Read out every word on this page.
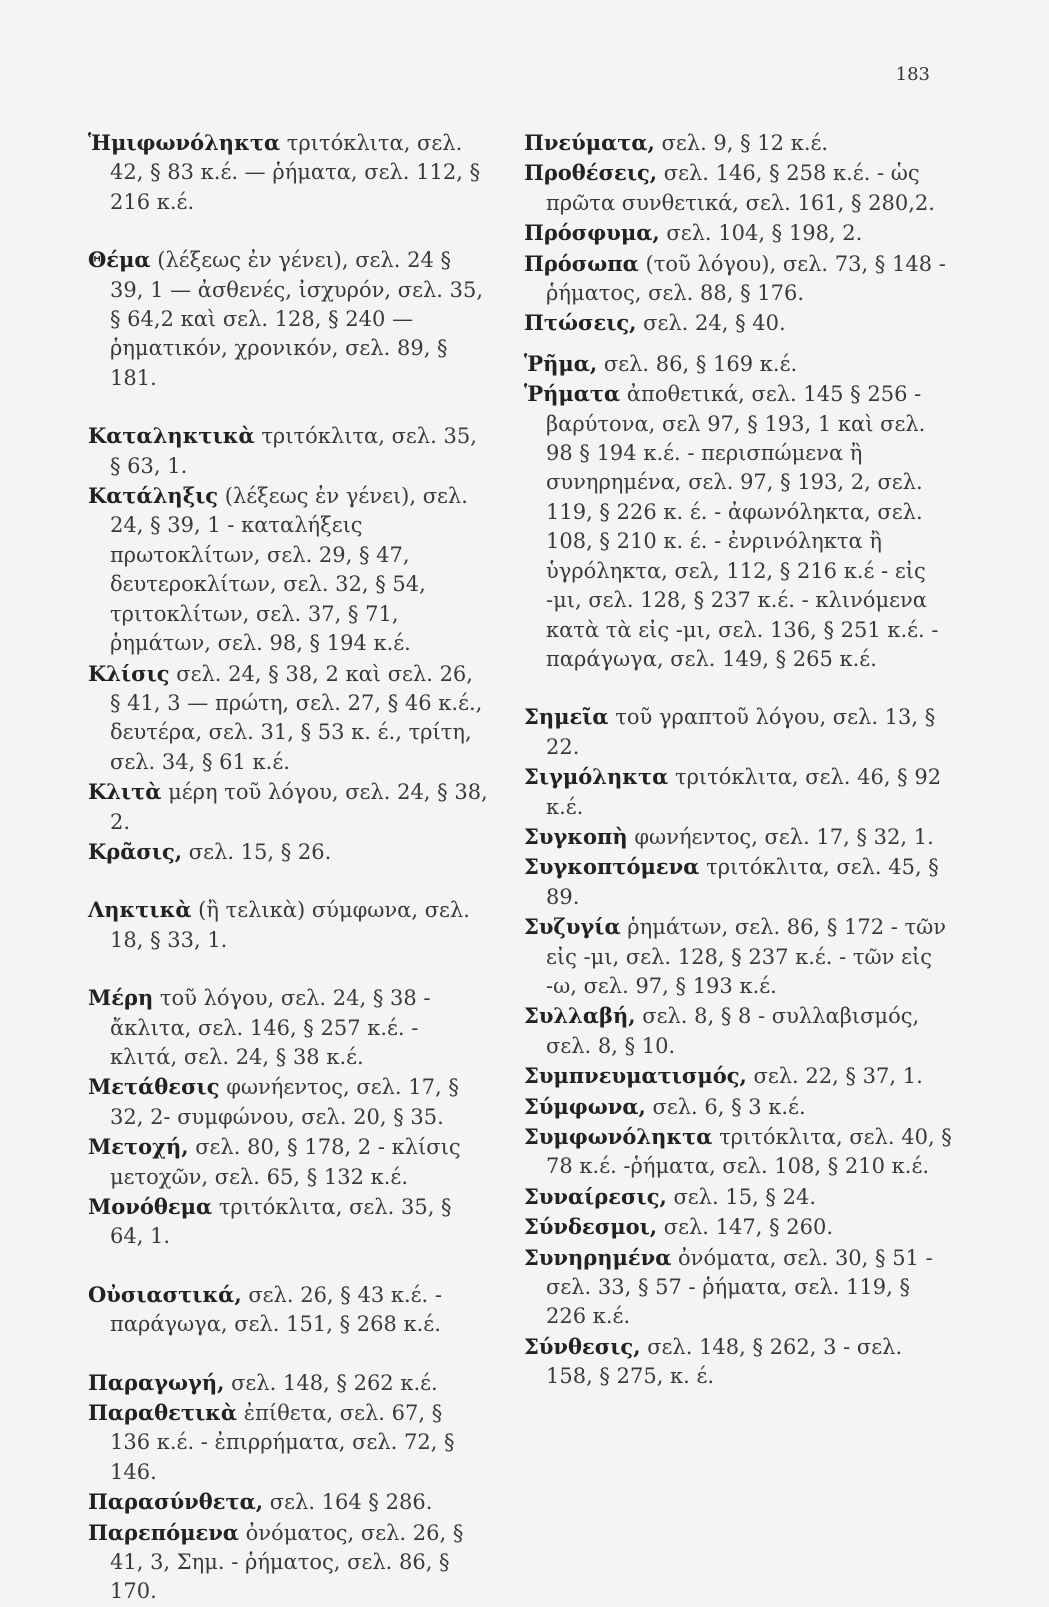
183
Ἡμιφωνόληκτα τριτόκλιτα, σελ. 42, § 83 κ.έ. — ῥήματα, σελ. 112, § 216 κ.έ.
Θέμα (λέξεως ἐν γένει), σελ. 24 § 39, 1 — ἀσθενές, ἰσχυρόν, σελ. 35, § 64,2 καὶ σελ. 128, § 240 — ῥηματικόν, χρονικόν, σελ. 89, § 181.
Καταληκτικὰ τριτόκλιτα, σελ. 35, § 63, 1.
Κατάληξις (λέξεως ἐν γένει), σελ. 24, § 39, 1 - καταλήξεις πρωτοκλίτων, σελ. 29, § 47, δευτεροκλίτων, σελ. 32, § 54, τριτοκλίτων, σελ. 37, § 71, ῥημάτων, σελ. 98, § 194 κ.έ.
Κλίσις σελ. 24, § 38, 2 καὶ σελ. 26, § 41, 3 — πρώτη, σελ. 27, § 46 κ.έ., δευτέρα, σελ. 31, § 53 κ. έ., τρίτη, σελ. 34, § 61 κ.έ.
Κλιτὰ μέρη τοῦ λόγου, σελ. 24, § 38, 2.
Κρᾶσις, σελ. 15, § 26.
Ληκτικὰ (ἢ τελικὰ) σύμφωνα, σελ. 18, § 33, 1.
Μέρη τοῦ λόγου, σελ. 24, § 38 - ἄκλιτα, σελ. 146, § 257 κ.έ. - κλιτά, σελ. 24, § 38 κ.έ.
Μετάθεσις φωνήεντος, σελ. 17, § 32, 2- συμφώνου, σελ. 20, § 35.
Μετοχή, σελ. 80, § 178, 2 - κλίσις μετοχῶν, σελ. 65, § 132 κ.έ.
Μονόθεμα τριτόκλιτα, σελ. 35, § 64, 1.
Οὐσιαστικά, σελ. 26, § 43 κ.έ. - παράγωγα, σελ. 151, § 268 κ.έ.
Παραγωγή, σελ. 148, § 262 κ.έ.
Παραθετικὰ ἐπίθετα, σελ. 67, § 136 κ.έ. - ἐπιρρήματα, σελ. 72, § 146.
Παρασύνθετα, σελ. 164 § 286.
Παρεπόμενα ὀνόματος, σελ. 26, § 41, 3, Σημ. - ῥήματος, σελ. 86, § 170.
Πνεύματα, σελ. 9, § 12 κ.έ.
Προθέσεις, σελ. 146, § 258 κ.έ. - ὡς πρῶτα συνθετικά, σελ. 161, § 280,2.
Πρόσφυμα, σελ. 104, § 198, 2.
Πρόσωπα (τοῦ λόγου), σελ. 73, § 148 - ῥήματος, σελ. 88, § 176.
Πτώσεις, σελ. 24, § 40.
Ῥῆμα, σελ. 86, § 169 κ.έ.
Ῥήματα ἀποθετικά, σελ. 145 § 256 - βαρύτονα, σελ 97, § 193, 1 καὶ σελ. 98 § 194 κ.έ. - περισπώμενα ἢ συνηρημένα, σελ. 97, § 193, 2, σελ. 119, § 226 κ. έ. - ἀφωνόληκτα, σελ. 108, § 210 κ. έ. - ἐνρινόληκτα ἢ ὑγρόληκτα, σελ, 112, § 216 κ.έ - εἰς -μι, σελ. 128, § 237 κ.έ. - κλινόμενα κατὰ τὰ εἰς -μι, σελ. 136, § 251 κ.έ. - παράγωγα, σελ. 149, § 265 κ.έ.
Σημεῖα τοῦ γραπτοῦ λόγου, σελ. 13, § 22.
Σιγμόληκτα τριτόκλιτα, σελ. 46, § 92 κ.έ.
Συγκοπὴ φωνήεντος, σελ. 17, § 32, 1.
Συγκοπτόμενα τριτόκλιτα, σελ. 45, § 89.
Συζυγία ῥημάτων, σελ. 86, § 172 - τῶν εἰς -μι, σελ. 128, § 237 κ.έ. - τῶν εἰς -ω, σελ. 97, § 193 κ.έ.
Συλλαβή, σελ. 8, § 8 - συλλαβισμός, σελ. 8, § 10.
Συμπνευματισμός, σελ. 22, § 37, 1.
Σύμφωνα, σελ. 6, § 3 κ.έ.
Συμφωνόληκτα τριτόκλιτα, σελ. 40, § 78 κ.έ. -ῥήματα, σελ. 108, § 210 κ.έ.
Συναίρεσις, σελ. 15, § 24.
Σύνδεσμοι, σελ. 147, § 260.
Συνηρημένα ὀνόματα, σελ. 30, § 51 - σελ. 33, § 57 - ῥήματα, σελ. 119, § 226 κ.έ.
Σύνθεσις, σελ. 148, § 262, 3 - σελ. 158, § 275, κ. έ.
